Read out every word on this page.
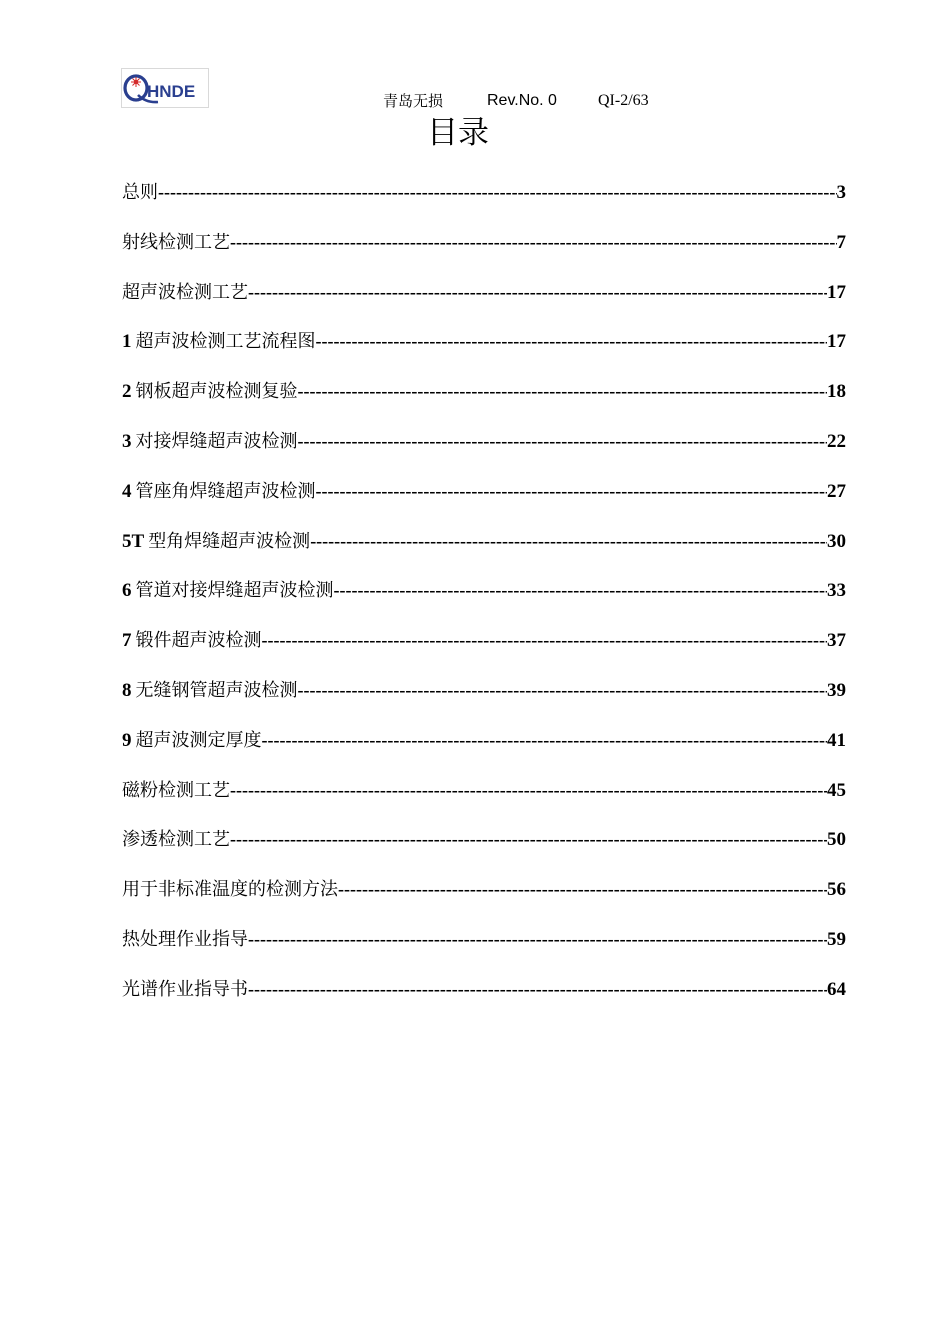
HNDE	青岛无损	Rev.No. 0	QI-2/63
目录
总则 -----	3
射线检测工艺 -----	7
超声波检测工艺 -----	17
1 超声波检测工艺流程图 -----	17
2 钢板超声波检测复验 -----	18
3 对接焊缝超声波检测 -----	22
4 管座角焊缝超声波检测 -----	27
5T 型角焊缝超声波检测 -----	30
6 管道对接焊缝超声波检测 -----	33
7 锻件超声波检测 -----	37
8 无缝钢管超声波检测 -----	39
9 超声波测定厚度 -----	41
磁粉检测工艺 -----	45
渗透检测工艺 -----	50
用于非标准温度的检测方法 -----	56
热处理作业指导 -----	59
光谱作业指导书 -----	64
